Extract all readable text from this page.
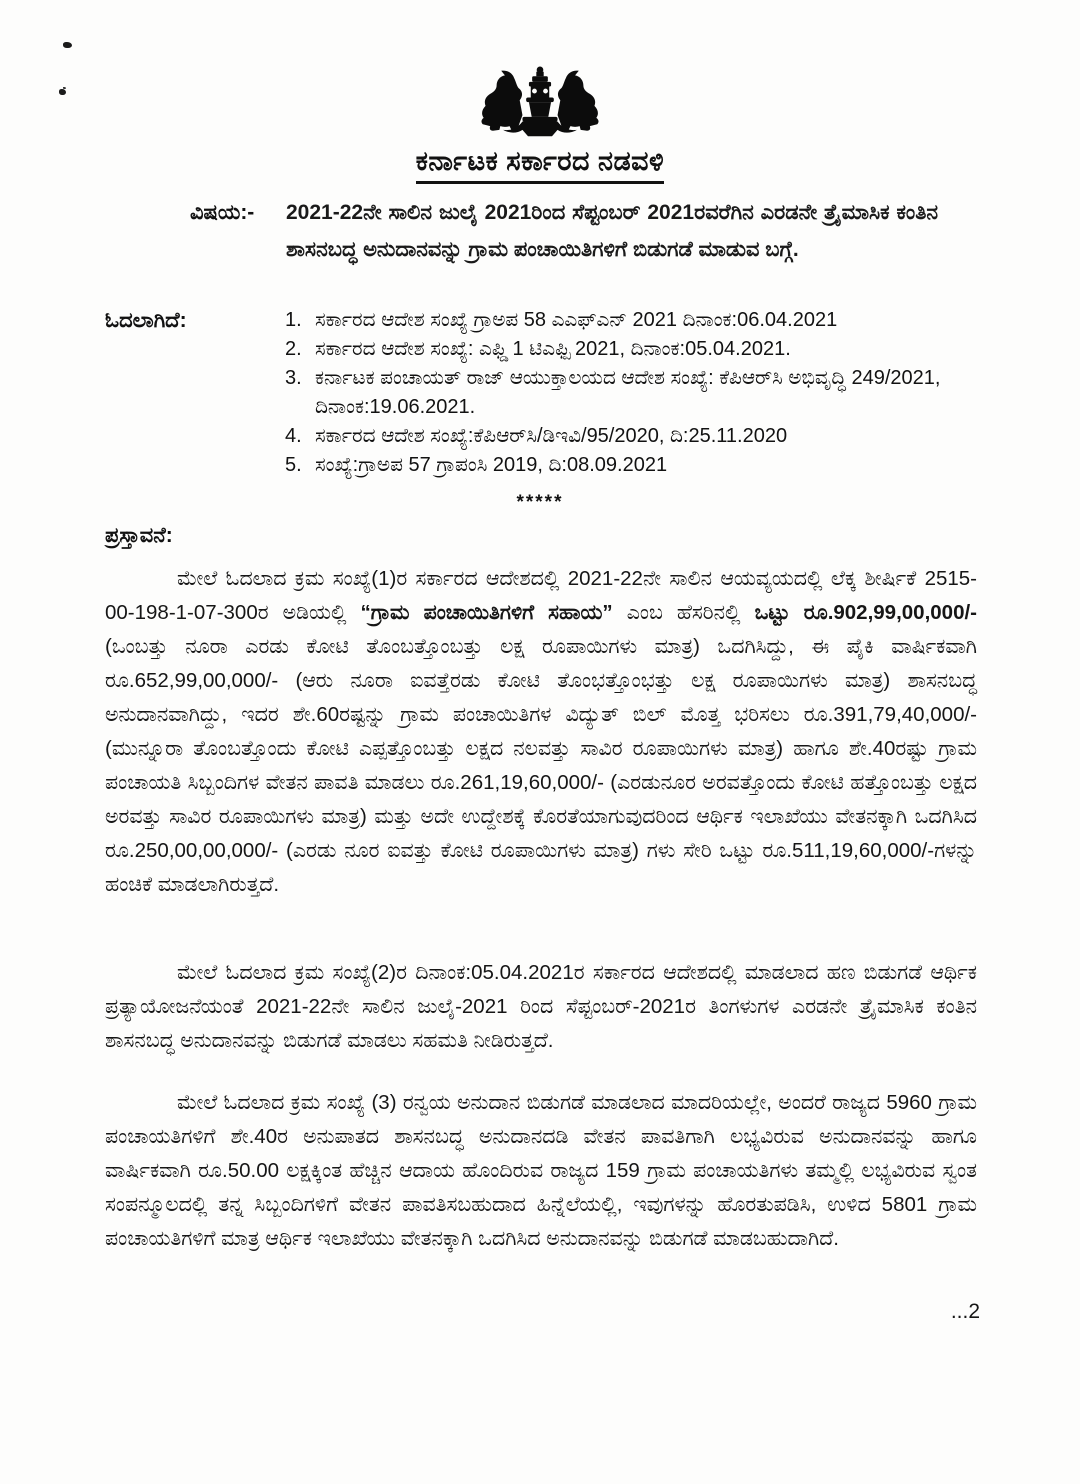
ಕರ್ನಾಟಕ ಸರ್ಕಾರದ ನಡವಳಿ
ವಿಷಯ:-	2021-22ನೇ ಸಾಲಿನ ಜುಲೈ 2021ರಿಂದ ಸೆಪ್ಟಂಬರ್ 2021ರವರೆಗಿನ ಎರಡನೇ ತ್ರೈಮಾಸಿಕ ಕಂತಿನ ಶಾಸನಬದ್ಧ ಅನುದಾನವನ್ನು ಗ್ರಾಮ ಪಂಚಾಯಿತಿಗಳಿಗೆ ಬಿಡುಗಡೆ ಮಾಡುವ ಬಗ್ಗೆ.
ಓದಲಾಗಿದೆ:	1. ಸರ್ಕಾರದ ಆದೇಶ ಸಂಖ್ಯೆ ಗ್ರಾಅಪ 58 ಎಎಫ್ಎನ್ 2021 ದಿನಾಂಕ:06.04.2021
2. ಸರ್ಕಾರದ ಆದೇಶ ಸಂಖ್ಯೆ: ಎಫ್ಡಿ 1 ಟಿಎಫ್ಪಿ 2021, ದಿನಾಂಕ:05.04.2021.
3. ಕರ್ನಾಟಕ ಪಂಚಾಯತ್ ರಾಜ್ ಆಯುಕ್ತಾಲಯದ ಆದೇಶ ಸಂಖ್ಯೆ: ಕೆಪಿಆರ್‌ಸಿ ಅಭಿವೃದ್ಧಿ 249/2021, ದಿನಾಂಕ:19.06.2021.
4. ಸರ್ಕಾರದ ಆದೇಶ ಸಂಖ್ಯೆ:ಕೆಪಿಆರ್‌ಸಿ/ಡಿಇವಿ/95/2020, ದಿ:25.11.2020
5. ಸಂಖ್ಯೆ:ಗ್ರಾಅಪ 57 ಗ್ರಾಪಂಸಿ 2019, ದಿ:08.09.2021
*****
ಪ್ರಸ್ತಾವನೆ:
ಮೇಲೆ ಓದಲಾದ ಕ್ರಮ ಸಂಖ್ಯೆ(1)ರ ಸರ್ಕಾರದ ಆದೇಶದಲ್ಲಿ 2021-22ನೇ ಸಾಲಿನ ಆಯವ್ಯಯದಲ್ಲಿ ಲೆಕ್ಕ ಶೀರ್ಷಿಕೆ 2515-00-198-1-07-300ರ ಅಡಿಯಲ್ಲಿ “ಗ್ರಾಮ ಪಂಚಾಯಿತಿಗಳಿಗೆ ಸಹಾಯ” ಎಂಬ ಹೆಸರಿನಲ್ಲಿ ಒಟ್ಟು ರೂ.902,99,00,000/- (ಒಂಬತ್ತು ನೂರಾ ಎರಡು ಕೋಟಿ ತೊಂಬತ್ತೊಂಬತ್ತು ಲಕ್ಷ ರೂಪಾಯಿಗಳು ಮಾತ್ರ) ಒದಗಿಸಿದ್ದು, ಈ ಪೈಕಿ ವಾರ್ಷಿಕವಾಗಿ ರೂ.652,99,00,000/- (ಆರು ನೂರಾ ಐವತ್ತೆರಡು ಕೋಟಿ ತೊಂಭತ್ತೊಂಭತ್ತು ಲಕ್ಷ ರೂಪಾಯಿಗಳು ಮಾತ್ರ) ಶಾಸನಬದ್ಧ ಅನುದಾನವಾಗಿದ್ದು, ಇದರ ಶೇ.60ರಷ್ಟನ್ನು ಗ್ರಾಮ ಪಂಚಾಯಿತಿಗಳ ವಿದ್ಯುತ್ ಬಿಲ್ ಮೊತ್ತ ಭರಿಸಲು ರೂ.391,79,40,000/- (ಮುನ್ನೂರಾ ತೊಂಬತ್ತೊಂದು ಕೋಟಿ ಎಪ್ಪತ್ತೊಂಬತ್ತು ಲಕ್ಷದ ನಲವತ್ತು ಸಾವಿರ ರೂಪಾಯಿಗಳು ಮಾತ್ರ) ಹಾಗೂ ಶೇ.40ರಷ್ಟು ಗ್ರಾಮ ಪಂಚಾಯತಿ ಸಿಬ್ಬಂದಿಗಳ ವೇತನ ಪಾವತಿ ಮಾಡಲು ರೂ.261,19,60,000/- (ಎರಡುನೂರ ಅರವತ್ತೊಂದು ಕೋಟಿ ಹತ್ತೊಂಬತ್ತು ಲಕ್ಷದ ಅರವತ್ತು ಸಾವಿರ ರೂಪಾಯಿಗಳು ಮಾತ್ರ) ಮತ್ತು ಅದೇ ಉದ್ದೇಶಕ್ಕೆ ಕೊರತೆಯಾಗುವುದರಿಂದ ಆರ್ಥಿಕ ಇಲಾಖೆಯು ವೇತನಕ್ಕಾಗಿ ಒದಗಿಸಿದ ರೂ.250,00,00,000/- (ಎರಡು ನೂರ ಐವತ್ತು ಕೋಟಿ ರೂಪಾಯಿಗಳು ಮಾತ್ರ) ಗಳು ಸೇರಿ ಒಟ್ಟು ರೂ.511,19,60,000/-ಗಳನ್ನು ಹಂಚಿಕೆ ಮಾಡಲಾಗಿರುತ್ತದೆ.
ಮೇಲೆ ಓದಲಾದ ಕ್ರಮ ಸಂಖ್ಯೆ(2)ರ ದಿನಾಂಕ:05.04.2021ರ ಸರ್ಕಾರದ ಆದೇಶದಲ್ಲಿ ಮಾಡಲಾದ ಹಣ ಬಿಡುಗಡೆ ಆರ್ಥಿಕ ಪ್ರತ್ಯಾಯೋಜನೆಯಂತೆ 2021-22ನೇ ಸಾಲಿನ ಜುಲೈ-2021 ರಿಂದ ಸೆಪ್ಟಂಬರ್-2021ರ ತಿಂಗಳುಗಳ ಎರಡನೇ ತ್ರೈಮಾಸಿಕ ಕಂತಿನ ಶಾಸನಬದ್ಧ ಅನುದಾನವನ್ನು ಬಿಡುಗಡೆ ಮಾಡಲು ಸಹಮತಿ ನೀಡಿರುತ್ತದೆ.
ಮೇಲೆ ಓದಲಾದ ಕ್ರಮ ಸಂಖ್ಯೆ (3) ರನ್ವಯ ಅನುದಾನ ಬಿಡುಗಡೆ ಮಾಡಲಾದ ಮಾದರಿಯಲ್ಲೇ, ಅಂದರೆ ರಾಜ್ಯದ 5960 ಗ್ರಾಮ ಪಂಚಾಯತಿಗಳಿಗೆ ಶೇ.40ರ ಅನುಪಾತದ ಶಾಸನಬದ್ಧ ಅನುದಾನದಡಿ ವೇತನ ಪಾವತಿಗಾಗಿ ಲಭ್ಯವಿರುವ ಅನುದಾನವನ್ನು ಹಾಗೂ ವಾರ್ಷಿಕವಾಗಿ ರೂ.50.00 ಲಕ್ಷಕ್ಕಿಂತ ಹೆಚ್ಚಿನ ಆದಾಯ ಹೊಂದಿರುವ ರಾಜ್ಯದ 159 ಗ್ರಾಮ ಪಂಚಾಯತಿಗಳು ತಮ್ಮಲ್ಲಿ ಲಭ್ಯವಿರುವ ಸ್ವಂತ ಸಂಪನ್ಮೂಲದಲ್ಲಿ ತನ್ನ ಸಿಬ್ಬಂದಿಗಳಿಗೆ ವೇತನ ಪಾವತಿಸಬಹುದಾದ ಹಿನ್ನೆಲೆಯಲ್ಲಿ, ಇವುಗಳನ್ನು ಹೊರತುಪಡಿಸಿ, ಉಳಿದ 5801 ಗ್ರಾಮ ಪಂಚಾಯತಿಗಳಿಗೆ ಮಾತ್ರ ಆರ್ಥಿಕ ಇಲಾಖೆಯು ವೇತನಕ್ಕಾಗಿ ಒದಗಿಸಿದ ಅನುದಾನವನ್ನು ಬಿಡುಗಡೆ ಮಾಡಬಹುದಾಗಿದೆ.
...2
